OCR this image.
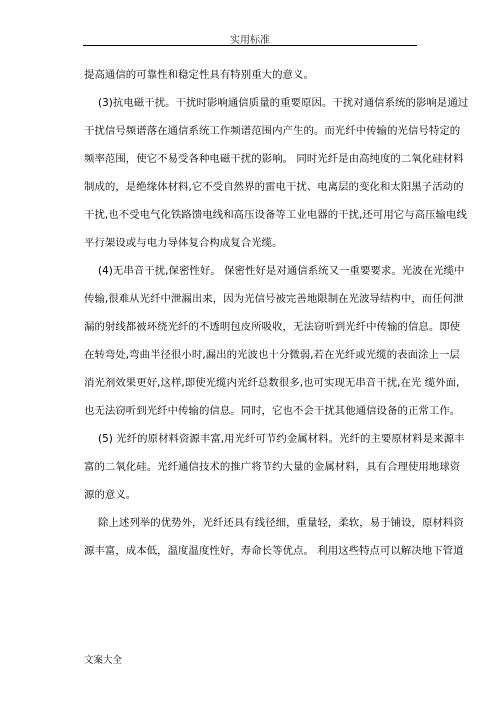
实用标准
提高通信的可靠性和稳定性具有特别重大的意义。
(3)抗电磁干扰。干扰时影响通信质量的重要原因。干扰对通信系统的影响是通过
干扰信号频谱落在通信系统工作频谱范围内产生的。而光纤中传输的光信号特定的
频率范围，使它不易受各种电磁干扰的影响。 同时光纤是由高纯度的二氧化硅材料
制成的，是绝缘体材料,它不受自然界的雷电干扰、电离层的变化和太阳黑子活动的
干扰,也不受电气化铁路馈电线和高压设备等工业电器的干扰,还可用它与高压输电线
平行架设或与电力导体复合构成复合光缆。
(4)无串音干扰,保密性好。 保密性好是对通信系统又一重要要求。光波在光缆中
传输,很难从光纤中泄漏出来，因为光信号被完善地限制在光波导结构中，而任何泄
漏的射线都被环绕光纤的不透明包皮所吸收，无法窃听到光纤中传输的信息。即使
在转弯处,弯曲半径很小时,漏出的光波也十分微弱,若在光纤或光缆的表面涂上一层
消光剂效果更好,这样,即使光缆内光纤总数很多,也可实现无串音干扰,在光 缆外面,
也无法窃听到光纤中传输的信息。同时，它也不会干扰其他通信设备的正常工作。
(5) 光纤的原材料资源丰富,用光纤可节约金属材料。光纤的主要原材料是来源丰
富的二氧化硅。光纤通信技术的推广将节约大量的金属材料，具有合理使用地球资
源的意义。
除上述列举的优势外，光纤还具有线径细，重量轻，柔软，易于铺设，原材料资
源丰富，成本低，温度温度性好，寿命长等优点。 利用这些特点可以解决地下管道
文案大全
